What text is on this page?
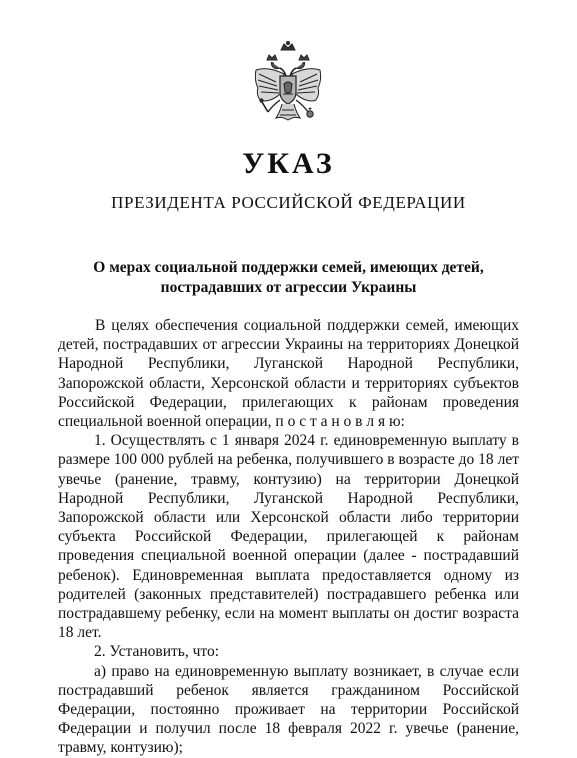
УКАЗ
ПРЕЗИДЕНТА РОССИЙСКОЙ ФЕДЕРАЦИИ
О мерах социальной поддержки семей, имеющих детей,
пострадавших от агрессии Украины

В целях обеспечения социальной поддержки семей, имеющих детей, пострадавших от агрессии Украины на территориях Донецкой Народной Республики, Луганской Народной Республики, Запорожской области, Херсонской области и территориях субъектов Российской Федерации, прилегающих к районам проведения специальной военной операции, п о с т а н о в л я ю:

1. Осуществлять с 1 января 2024 г. единовременную выплату в размере 100 000 рублей на ребенка, получившего в возрасте до 18 лет увечье (ранение, травму, контузию) на территории Донецкой Народной Республики, Луганской Народной Республики, Запорожской области или Херсонской области либо территории субъекта Российской Федерации, прилегающей к районам проведения специальной военной операции (далее - пострадавший ребенок). Единовременная выплата предоставляется одному из родителей (законных представителей) пострадавшего ребенка или пострадавшему ребенку, если на момент выплаты он достиг возраста 18 лет.

2. Установить, что:

а) право на единовременную выплату возникает, в случае если пострадавший ребенок является гражданином Российской Федерации, постоянно проживает на территории Российской Федерации и получил после 18 февраля 2022 г. увечье (ранение, травму, контузию);
